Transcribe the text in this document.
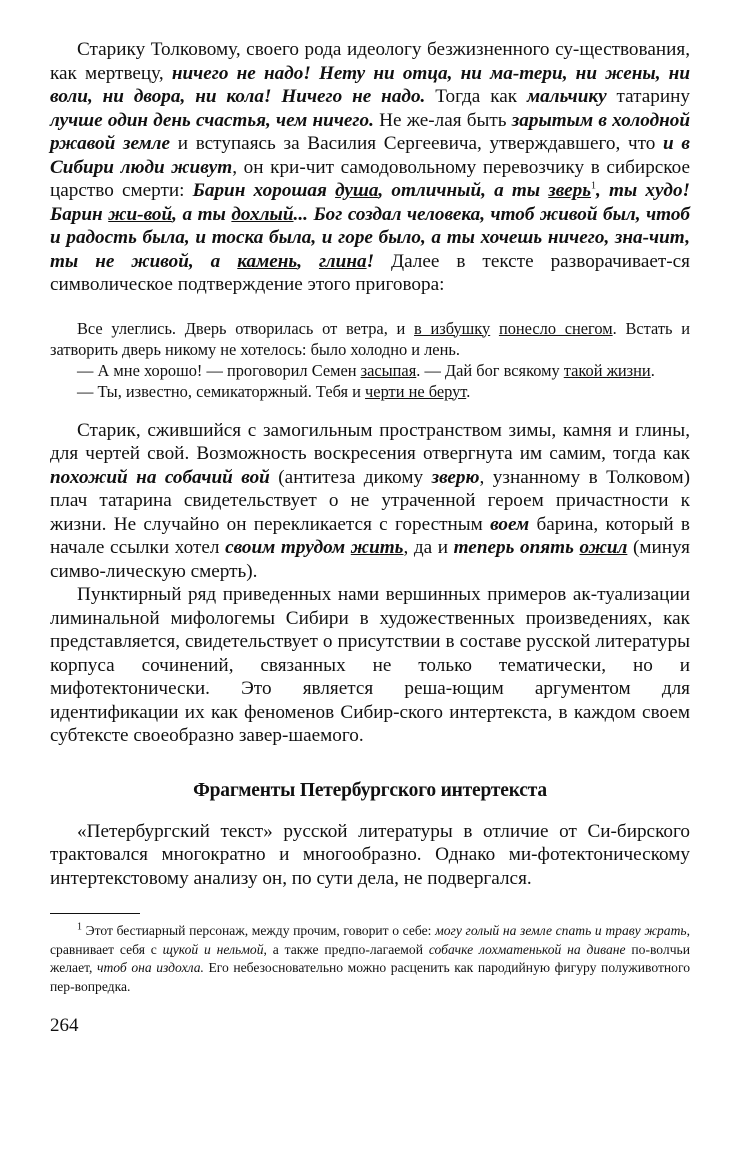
Старику Толковому, своего рода идеологу безжизненного су-ществования, как мертвецу, ничего не надо! Нету ни отца, ни ма-тери, ни жены, ни воли, ни двора, ни кола! Ничего не надо. Тогда как мальчику татарину лучше один день счастья, чем ничего. Не же-лая быть зарытым в холодной ржавой земле и вступаясь за Василия Сергеевича, утверждавшего, что и в Сибири люди живут, он кри-чит самодовольному перевозчику в сибирское царство смерти: Барин хорошая душа, отличный, а ты зверь$^1$, ты худо! Барин жи-вой, а ты дохлый... Бог создал человека, чтоб живой был, чтоб и радость была, и тоска была, и горе было, а ты хочешь ничего, зна-чит, ты не живой, а камень, глина! Далее в тексте разворачивает-ся символическое подтверждение этого приговора:

Все улеглись. Дверь отворилась от ветра, и в избушку понесло снегом. Встать и затворить дверь никому не хотелось: было холодно и лень.

— А мне хорошо! — проговорил Семен засыпая. — Дай бог всякому такой жизни.

— Ты, известно, семикаторжный. Тебя и черти не берут.

Старик, сжившийся с замогильным пространством зимы, камня и глины, для чертей свой. Возможность воскресения отвергнута им самим, тогда как похожий на собачий вой (антитеза дикому зверю, узнанному в Толковом) плач татарина свидетельствует о не утраченной героем причастности к жизни. Не случайно он перекликается с горестным воем барина, который в начале ссылки хотел своим трудом жить, да и теперь опять ожил (минуя симво-лическую смерть).

Пунктирный ряд приведенных нами вершинных примеров ак-туализации лиминальной мифологемы Сибири в художественных произведениях, как представляется, свидетельствует о присутствии в составе русской литературы корпуса сочинений, связанных не только тематически, но и мифотектонически. Это является реша-ющим аргументом для идентификации их как феноменов Сибир-ского интертекста, в каждом своем субтексте своеобразно завер-шаемого.

Фрагменты Петербургского интертекста

«Петербургский текст» русской литературы в отличие от Си-бирского трактовался многократно и многообразно. Однако ми-фотектоническому интертекстовому анализу он, по сути дела, не подвергался.

$^1$ Этот бестиарный персонаж, между прочим, говорит о себе: могу голый на земле спать и траву жрать, сравнивает себя с щукой и нельмой, а также предпо-лагаемой собачке лохматенькой на диване по-волчьи желает, чтоб она издохла. Его небезосновательно можно расценить как пародийную фигуру полуживотного пер-вопредка.

264
